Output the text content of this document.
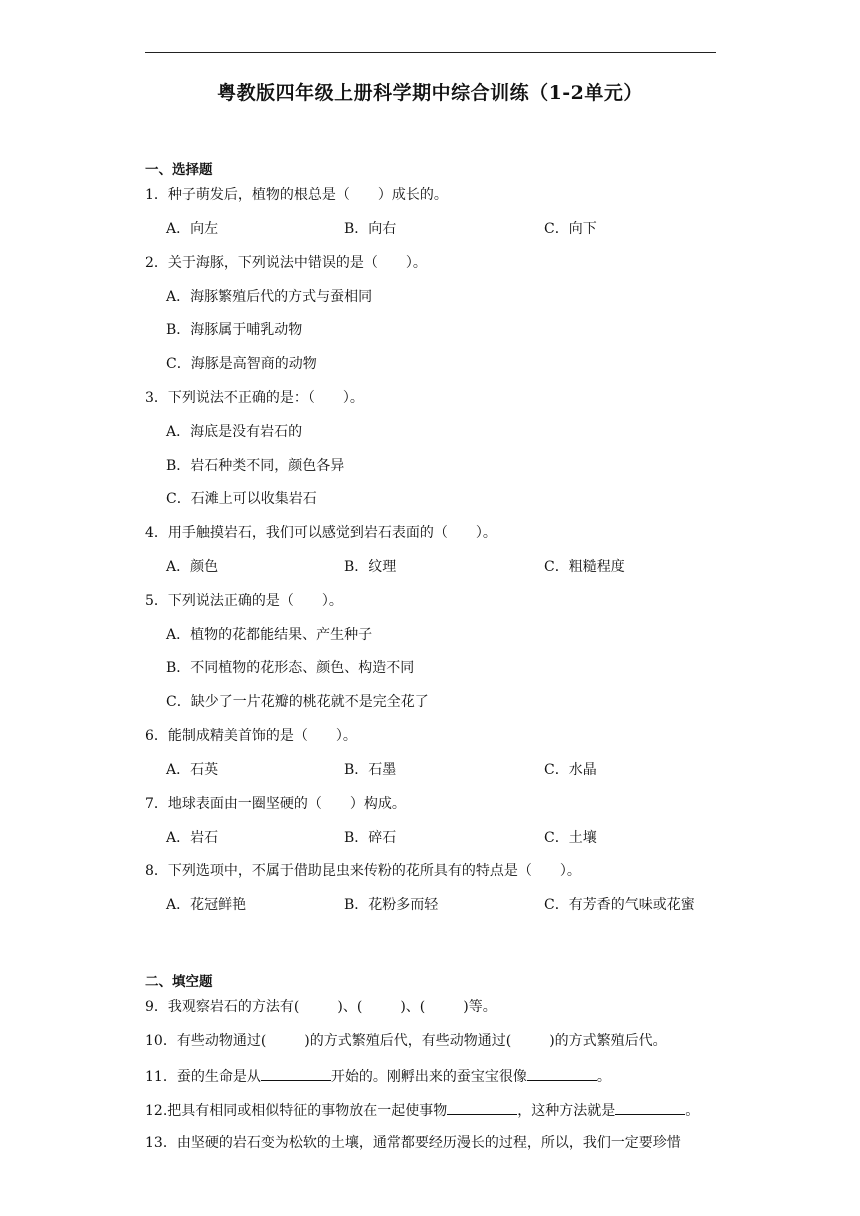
粤教版四年级上册科学期中综合训练（1-2单元）
一、选择题
1．种子萌发后，植物的根总是（　　）成长的。
A．向左	B．向右	C．向下
2．关于海豚，下列说法中错误的是（　　）。
A．海豚繁殖后代的方式与蚕相同
B．海豚属于哺乳动物
C．海豚是高智商的动物
3．下列说法不正确的是：（　　）。
A．海底是没有岩石的
B．岩石种类不同，颜色各异
C．石滩上可以收集岩石
4．用手触摸岩石，我们可以感觉到岩石表面的（　　）。
A．颜色	B．纹理	C．粗糙程度
5．下列说法正确的是（　　）。
A．植物的花都能结果、产生种子
B．不同植物的花形态、颜色、构造不同
C．缺少了一片花瓣的桃花就不是完全花了
6．能制成精美首饰的是（　　）。
A．石英	B．石墨	C．水晶
7．地球表面由一圈坚硬的（　　）构成。
A．岩石	B．碎石	C．土壤
8．下列选项中，不属于借助昆虫来传粉的花所具有的特点是（　　）。
A．花冠鲜艳	B．花粉多而轻	C．有芳香的气味或花蜜
二、填空题
9．我观察岩石的方法有(	)、(	)、(	)等。
10．有些动物通过(	)的方式繁殖后代，有些动物通过(	)的方式繁殖后代。
11．蚕的生命是从	开始的。刚孵出来的蚕宝宝很像	。
12.把具有相同或相似特征的事物放在一起使事物	，这种方法就是	。
13．由坚硬的岩石变为松软的土壤，通常都要经历漫长的过程，所以，我们一定要珍惜
